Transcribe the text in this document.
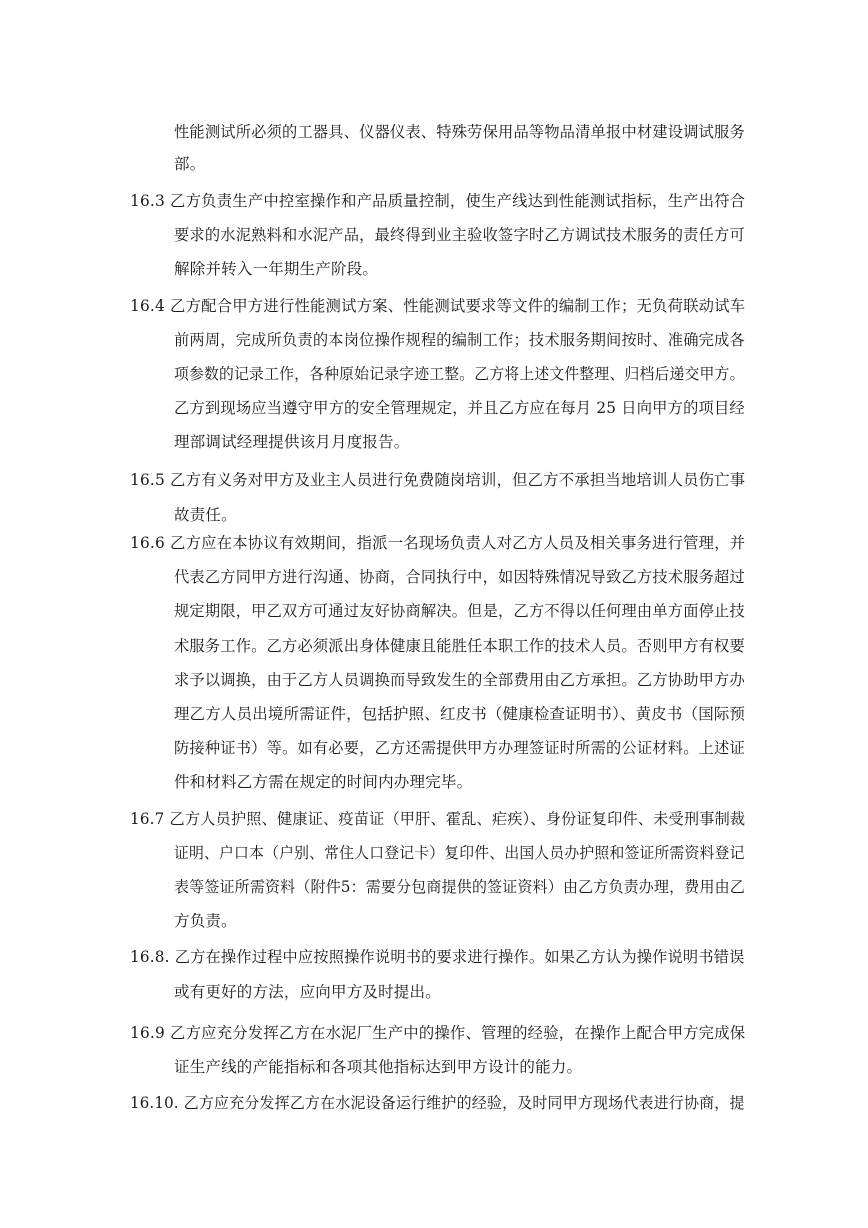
性能测试所必须的工器具、仪器仪表、特殊劳保用品等物品清单报中材建设调试服务
部。
16.3 乙方负责生产中控室操作和产品质量控制，使生产线达到性能测试指标，生产出符合
要求的水泥熟料和水泥产品，最终得到业主验收签字时乙方调试技术服务的责任方可
解除并转入一年期生产阶段。
16.4 乙方配合甲方进行性能测试方案、性能测试要求等文件的编制工作；无负荷联动试车
前两周，完成所负责的本岗位操作规程的编制工作；技术服务期间按时、准确完成各
项参数的记录工作，各种原始记录字迹工整。乙方将上述文件整理、归档后递交甲方。
乙方到现场应当遵守甲方的安全管理规定，并且乙方应在每月 25 日向甲方的项目经
理部调试经理提供该月月度报告。
16.5 乙方有义务对甲方及业主人员进行免费随岗培训，但乙方不承担当地培训人员伤亡事
故责任。
16.6 乙方应在本协议有效期间，指派一名现场负责人对乙方人员及相关事务进行管理，并
代表乙方同甲方进行沟通、协商，合同执行中，如因特殊情况导致乙方技术服务超过
规定期限，甲乙双方可通过友好协商解决。但是，乙方不得以任何理由单方面停止技
术服务工作。乙方必须派出身体健康且能胜任本职工作的技术人员。否则甲方有权要
求予以调换，由于乙方人员调换而导致发生的全部费用由乙方承担。乙方协助甲方办
理乙方人员出境所需证件，包括护照、红皮书（健康检查证明书）、黄皮书（国际预
防接种证书）等。如有必要，乙方还需提供甲方办理签证时所需的公证材料。上述证
件和材料乙方需在规定的时间内办理完毕。
16.7 乙方人员护照、健康证、疫苗证（甲肝、霍乱、疟疾）、身份证复印件、未受刑事制裁
证明、户口本（户别、常住人口登记卡）复印件、出国人员办护照和签证所需资料登记
表等签证所需资料（附件5：需要分包商提供的签证资料）由乙方负责办理，费用由乙
方负责。
16.8. 乙方在操作过程中应按照操作说明书的要求进行操作。如果乙方认为操作说明书错误
或有更好的方法，应向甲方及时提出。
16.9 乙方应充分发挥乙方在水泥厂生产中的操作、管理的经验，在操作上配合甲方完成保
证生产线的产能指标和各项其他指标达到甲方设计的能力。
16.10. 乙方应充分发挥乙方在水泥设备运行维护的经验，及时同甲方现场代表进行协商，提
